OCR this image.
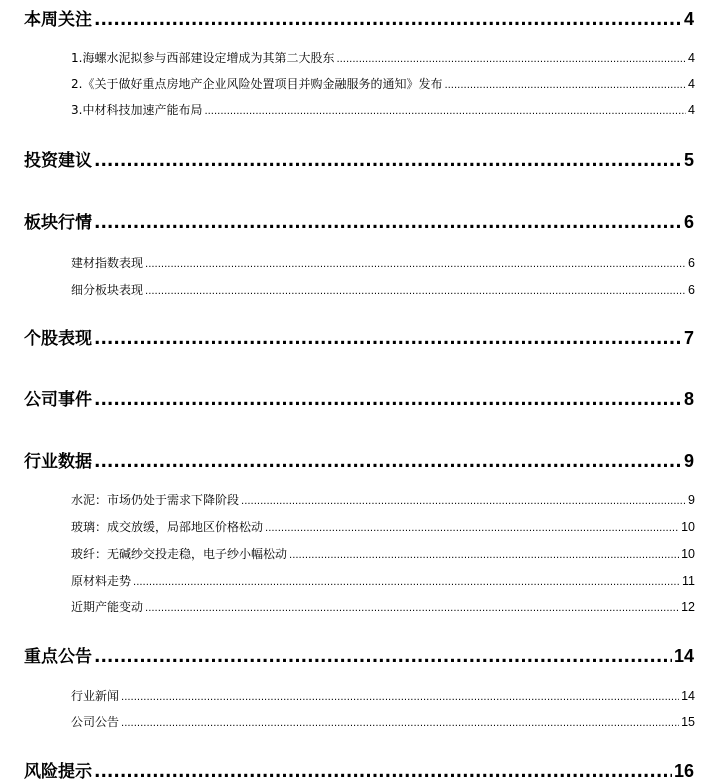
本周关注 .....	4
1.海螺水泥拟参与西部建设定增成为其第二大股东 .....	4
2.《关于做好重点房地产企业风险处置项目并购金融服务的通知》发布 .....	4
3.中材科技加速产能布局 .....	4
投资建议 .....	5
板块行情 .....	6
建材指数表现 .....	6
细分板块表现 .....	6
个股表现 .....	7
公司事件 .....	8
行业数据 .....	9
水泥：市场仍处于需求下降阶段 .....	9
玻璃：成交放缓，局部地区价格松动 .....	10
玻纤：无碱纱交投走稳，电子纱小幅松动 .....	10
原材料走势 .....	11
近期产能变动 .....	12
重点公告 .....	14
行业新闻 .....	14
公司公告 .....	15
风险提示 .....	16
